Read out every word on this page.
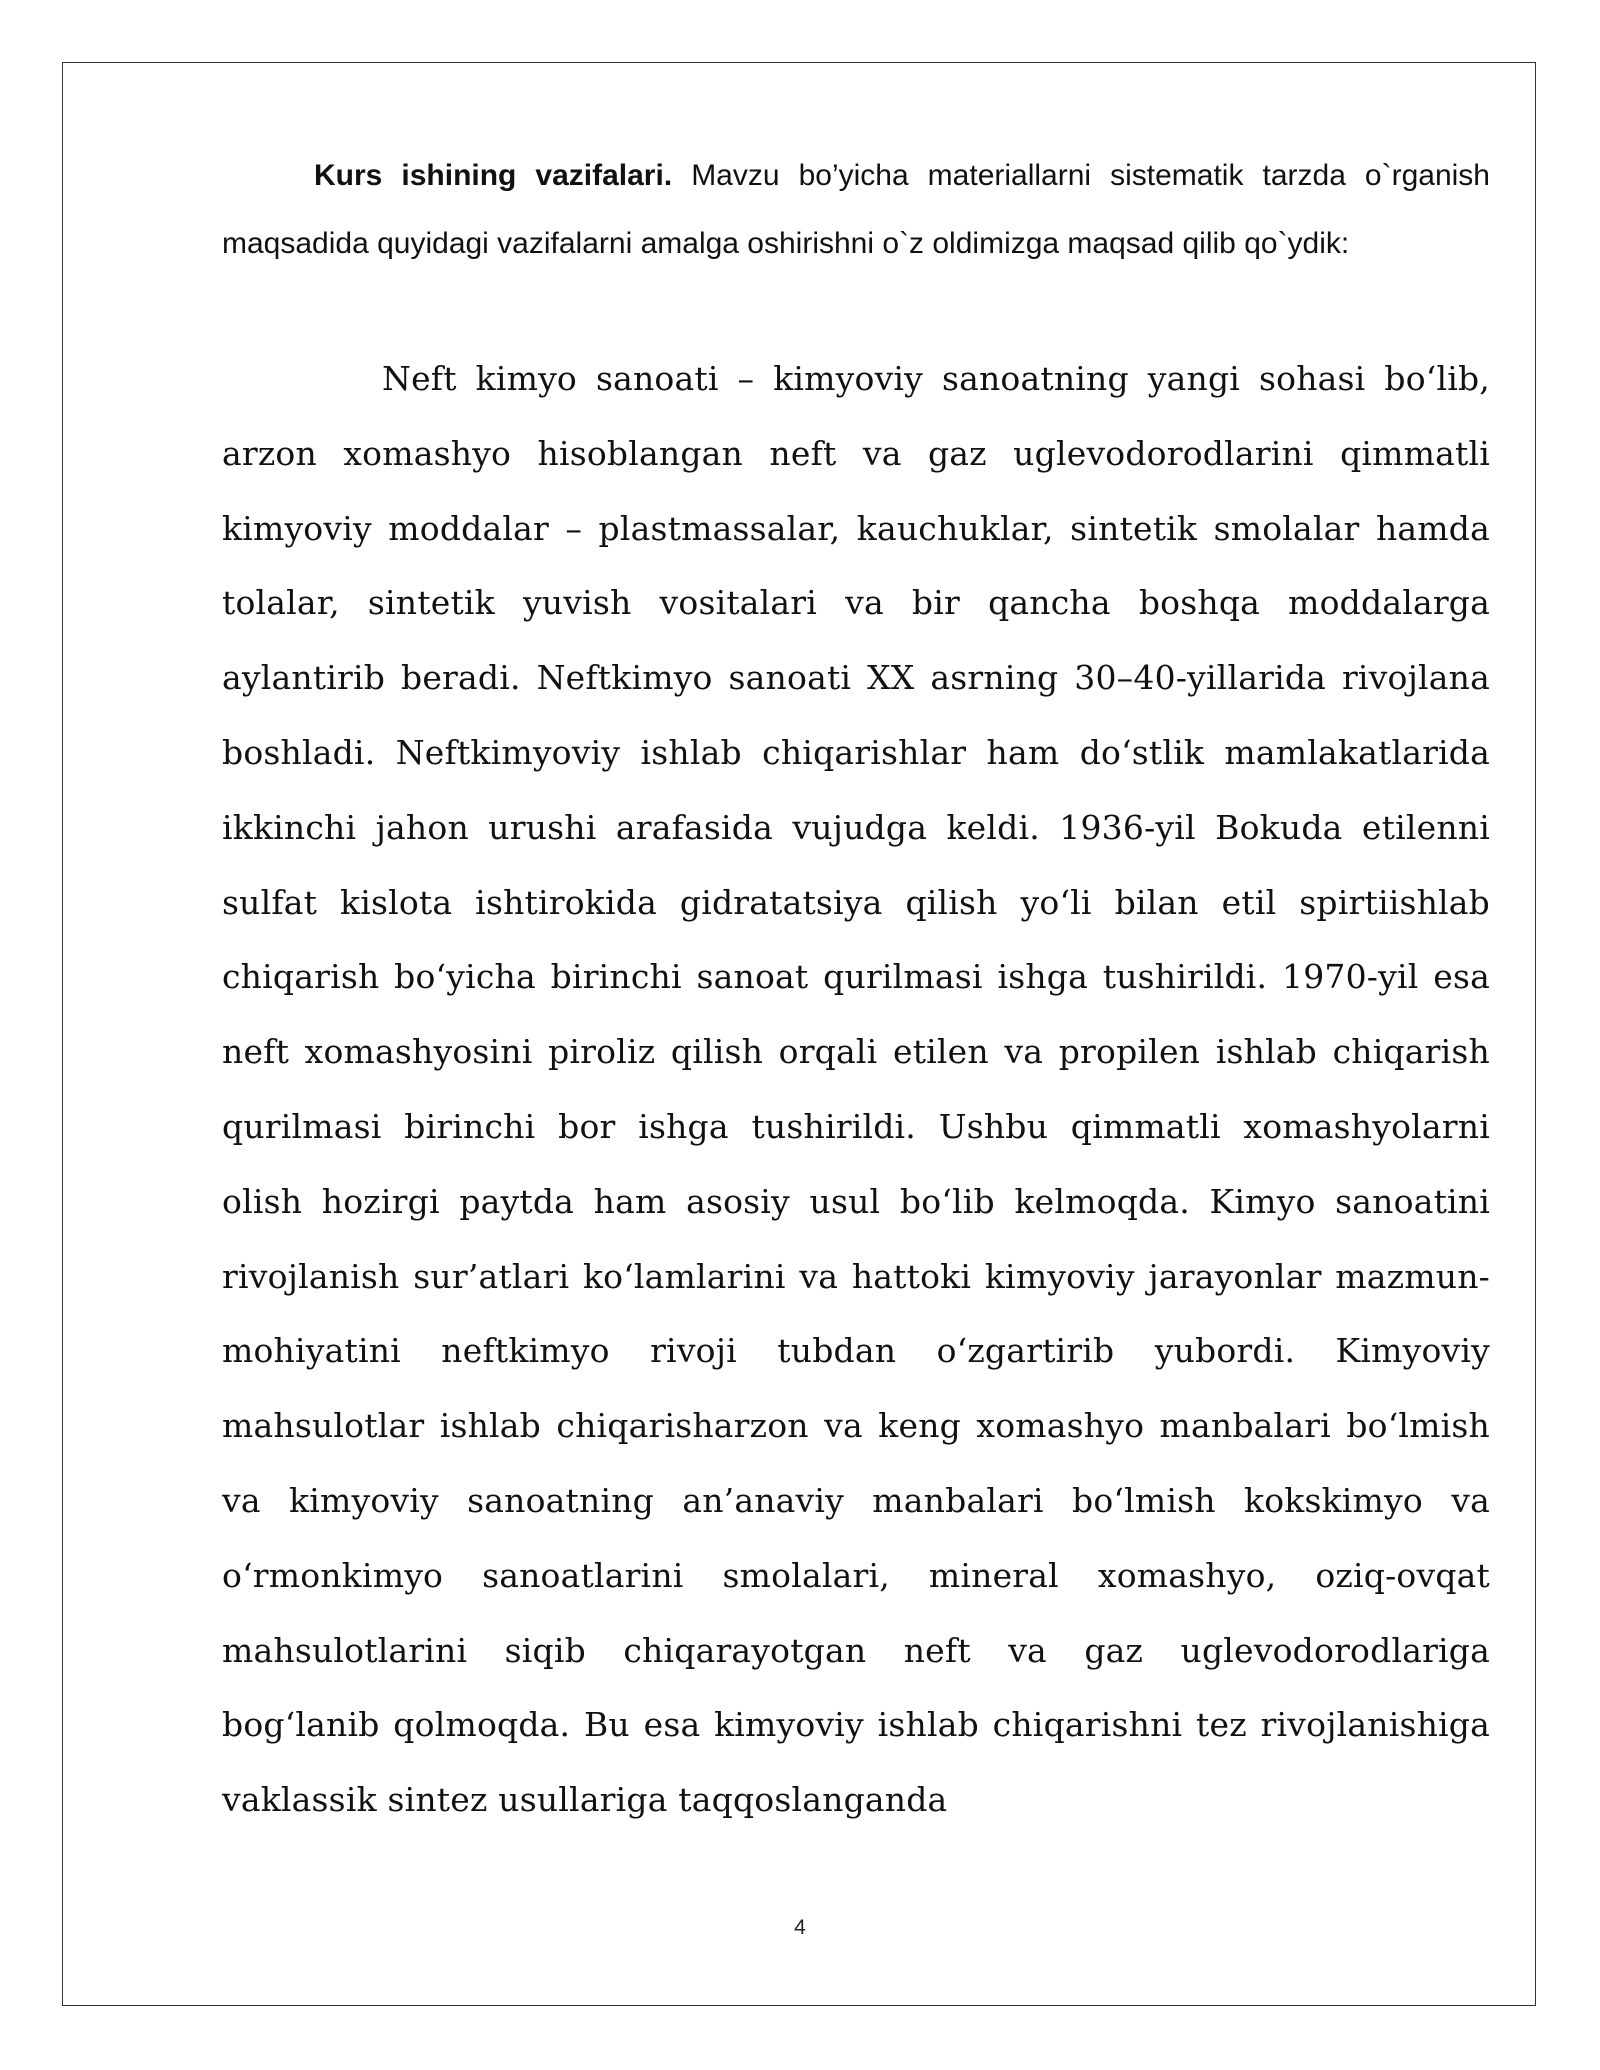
Kurs ishining vazifalari. Mavzu bo’yicha materiallarni sistematik tarzda o`rganish maqsadida quyidagi vazifalarni amalga oshirishni o`z oldimizga maqsad qilib qo`ydik:

Neft kimyo sanoati – kimyoviy sanoatning yangi sohasi bo‘lib, arzon xomashyo hisoblangan neft va gaz uglevodorodlarini qimmatli kimyoviy moddalar – plastmassalar, kauchuklar, sintetik smolalar hamda tolalar, sintetik yuvish vositalari va bir qancha boshqa moddalarga aylantirib beradi. Neftkimyo sanoati XX asrning 30–40-yillarida rivojlana boshladi. Neftkimyoviy ishlab chiqarishlar ham do‘stlik mamlakatlarida ikkinchi jahon urushi arafasida vujudga keldi. 1936-yil Bokuda etilenni sulfat kislota ishtirokida gidratatsiya qilish yo‘li bilan etil spirtiishlab chiqarish bo‘yicha birinchi sanoat qurilmasi ishga tushirildi. 1970-yil esa neft xomashyosini piroliz qilish orqali etilen va propilen ishlab chiqarish qurilmasi birinchi bor ishga tushirildi. Ushbu qimmatli xomashyolarni olish hozirgi paytda ham asosiy usul bo‘lib kelmoqda. Kimyo sanoatini rivojlanish sur’atlari ko‘lamlarini va hattoki kimyoviy jarayonlar mazmun-mohiyatini neftkimyo rivoji tubdan o‘zgartirib yubordi. Kimyoviy mahsulotlar ishlab chiqarisharzon va keng xomashyo manbalari bo‘lmish va kimyoviy sanoatning an’anaviy manbalari bo‘lmish kokskimyo va o‘rmonkimyo sanoatlarini smolalari, mineral xomashyo, oziq-ovqat mahsulotlarini siqib chiqarayotgan neft va gaz uglevodorodlariga bog‘lanib qolmoqda. Bu esa kimyoviy ishlab chiqarishni tez rivojlanishiga vaklassik sintez usullariga taqqoslanganda

4
